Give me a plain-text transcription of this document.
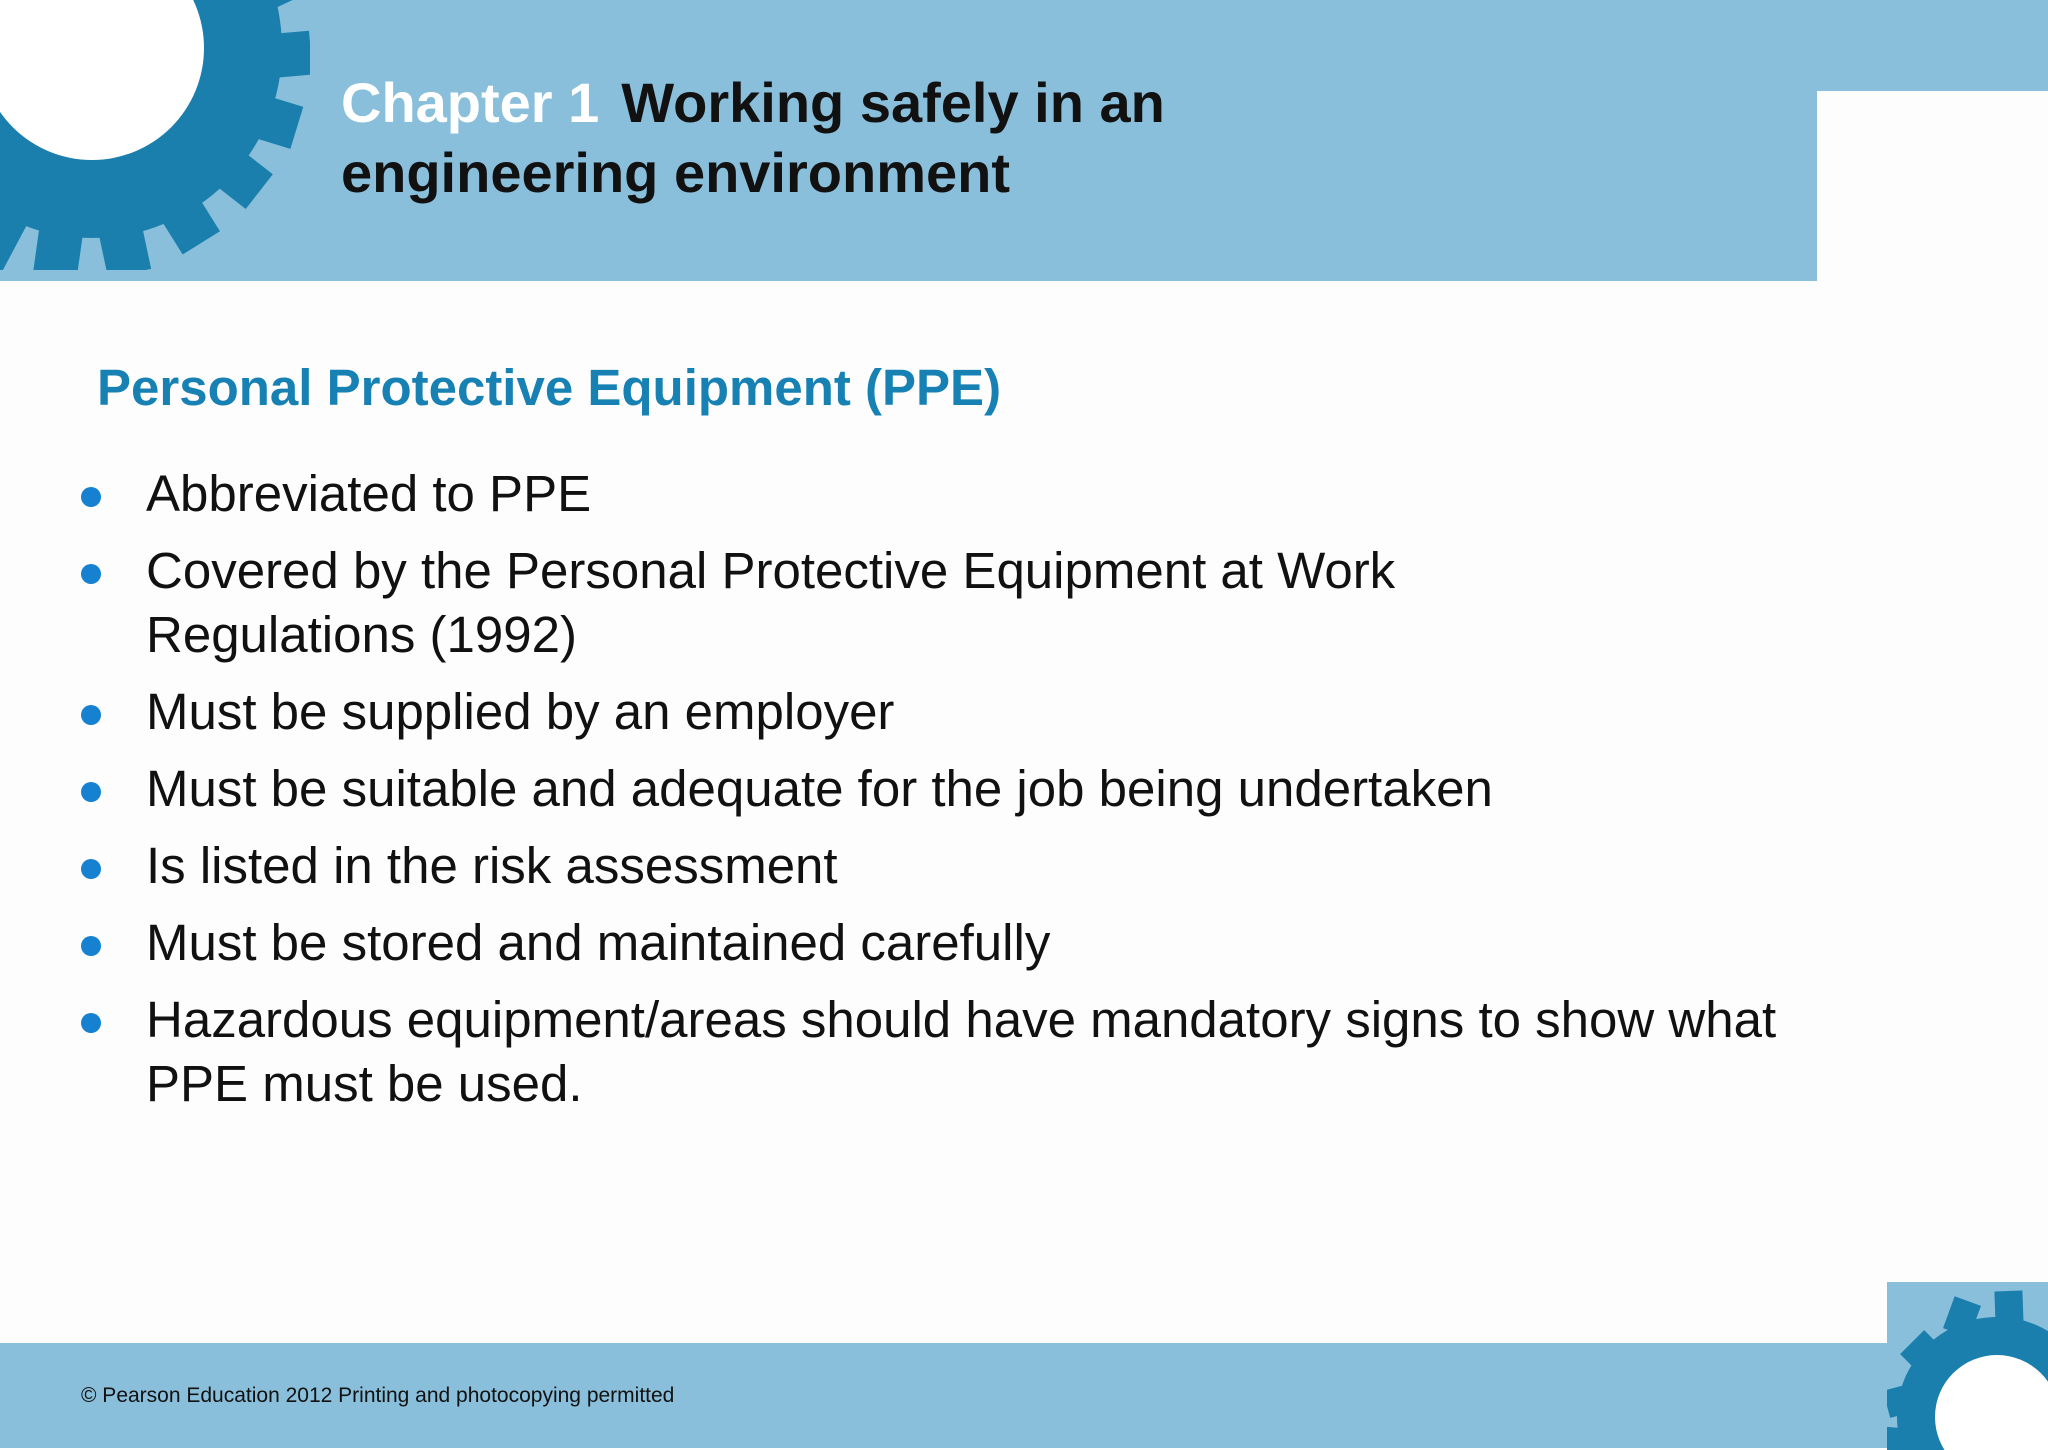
Chapter 1 Working safely in an
engineering environment
Personal Protective Equipment (PPE)
Abbreviated to PPE
Covered by the Personal Protective Equipment at Work Regulations (1992)
Must be supplied by an employer
Must be suitable and adequate for the job being undertaken
Is listed in the risk assessment
Must be stored and maintained carefully
Hazardous equipment/areas should have mandatory signs to show what PPE must be used.

© Pearson Education 2012 Printing and photocopying permitted
